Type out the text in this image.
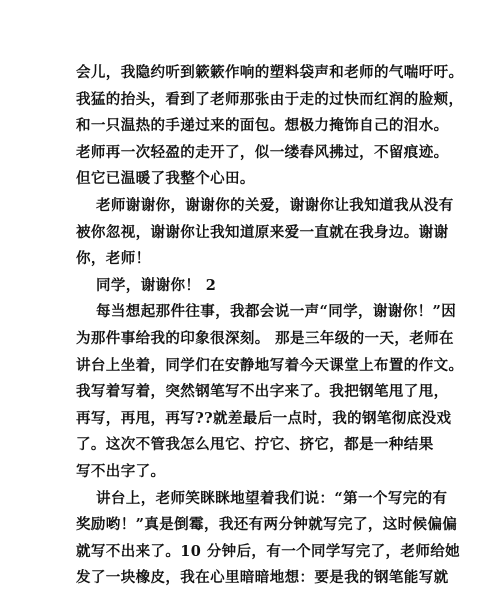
会儿，我隐约听到簌簌作响的塑料袋声和老师的气喘吁吁。
我猛的抬头，看到了老师那张由于走的过快而红润的脸颊，
和一只温热的手递过来的面包。想极力掩饰自己的泪水。
老师再一次轻盈的走开了，似一缕春风拂过，不留痕迹。
但它已温暖了我整个心田。
老师谢谢你，谢谢你的关爱，谢谢你让我知道我从没有
被你忽视，谢谢你让我知道原来爱一直就在我身边。谢谢
你，老师！
同学，谢谢你！ 2
每当想起那件往事，我都会说一声“同学，谢谢你！”因
为那件事给我的印象很深刻。 那是三年级的一天，老师在
讲台上坐着，同学们在安静地写着今天课堂上布置的作文。
我写着写着，突然钢笔写不出字来了。我把钢笔甩了甩，
再写，再甩，再写??就差最后一点时，我的钢笔彻底没戏
了。这次不管我怎么甩它、拧它、挤它，都是一种结果
写不出字了。
讲台上，老师笑眯眯地望着我们说：“第一个写完的有
奖励哟！”真是倒霉，我还有两分钟就写完了，这时候偏偏
就写不出来了。10 分钟后，有一个同学写完了，老师给她
发了一块橡皮，我在心里暗暗地想：要是我的钢笔能写就
